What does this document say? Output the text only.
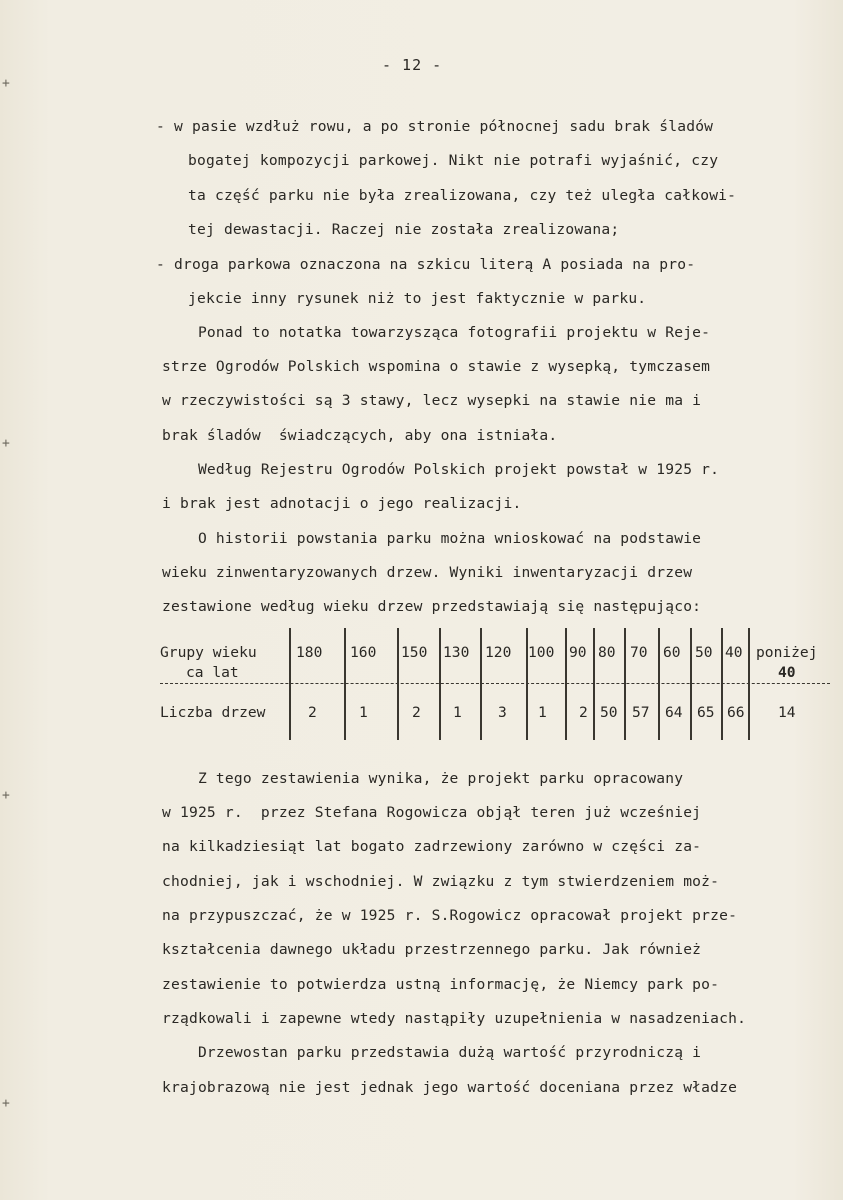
- 12 -
+
+
+
+
- w pasie wzdłuż rowu, a po stronie północnej sadu brak śladów
bogatej kompozycji parkowej. Nikt nie potrafi wyjaśnić, czy
ta część parku nie była zrealizowana, czy też uległa całkowi-
tej dewastacji. Raczej nie została zrealizowana;
- droga parkowa oznaczona na szkicu literą A posiada na pro-
jekcie inny rysunek niż to jest faktycznie w parku.
Ponad to notatka towarzysząca fotografii projektu w Reje-
strze Ogrodów Polskich wspomina o stawie z wysepką, tymczasem
w rzeczywistości są 3 stawy, lecz wysepki na stawie nie ma i
brak śladów  świadczących, aby ona istniała.
Według Rejestru Ogrodów Polskich projekt powstał w 1925 r.
i brak jest adnotacji o jego realizacji.
O historii powstania parku można wnioskować na podstawie
wieku zinwentaryzowanych drzew. Wyniki inwentaryzacji drzew
zestawione według wieku drzew przedstawiają się następująco:
Grupy wieku
ca lat
Liczba drzew
180 160 150 130 120 100 90 80 70 60 50 40 poniżej
40
2	1	2 1 3 1 2 50 57 64 65 66 14
Z tego zestawienia wynika, że projekt parku opracowany
w 1925 r.  przez Stefana Rogowicza objął teren już wcześniej
na kilkadziesiąt lat bogato zadrzewiony zarówno w części za-
chodniej, jak i wschodniej. W związku z tym stwierdzeniem moż-
na przypuszczać, że w 1925 r. S.Rogowicz opracował projekt prze-
kształcenia dawnego układu przestrzennego parku. Jak również
zestawienie to potwierdza ustną informację, że Niemcy park po-
rządkowali i zapewne wtedy nastąpiły uzupełnienia w nasadzeniach.
Drzewostan parku przedstawia dużą wartość przyrodniczą i
krajobrazową nie jest jednak jego wartość doceniana przez władze
